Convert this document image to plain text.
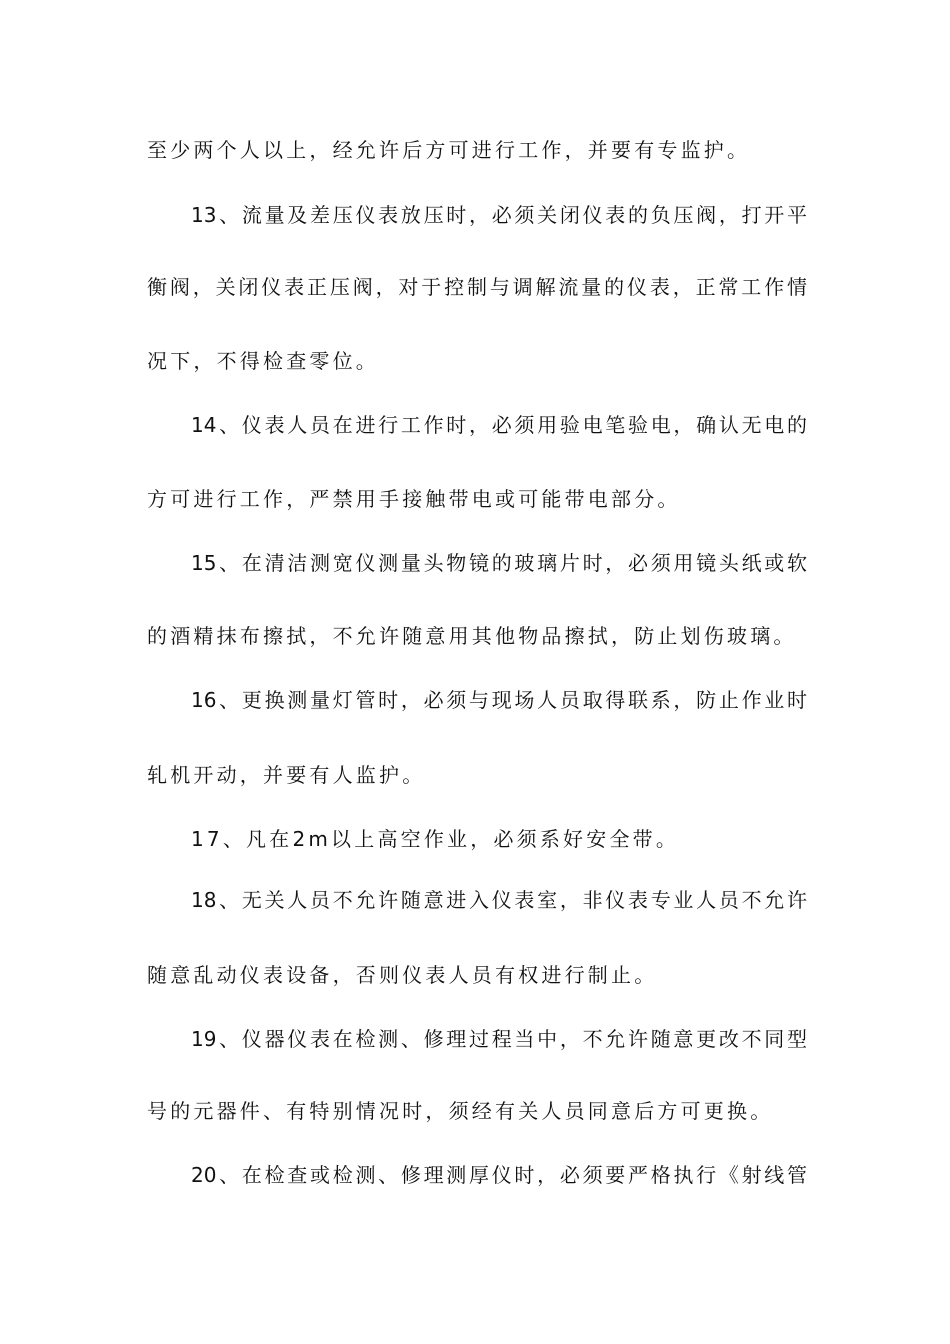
至少两个人以上，经允许后方可进行工作，并要有专监护。
13、流量及差压仪表放压时，必须关闭仪表的负压阀，打开平
衡阀，关闭仪表正压阀，对于控制与调解流量的仪表，正常工作情
况下，不得检查零位。
14、仪表人员在进行工作时，必须用验电笔验电，确认无电的
方可进行工作，严禁用手接触带电或可能带电部分。
15、在清洁测宽仪测量头物镜的玻璃片时，必须用镜头纸或软
的酒精抹布擦拭，不允许随意用其他物品擦拭，防止划伤玻璃。
16、更换测量灯管时，必须与现场人员取得联系，防止作业时
轧机开动，并要有人监护。
17、凡在2m以上高空作业，必须系好安全带。
18、无关人员不允许随意进入仪表室，非仪表专业人员不允许
随意乱动仪表设备，否则仪表人员有权进行制止。
19、仪器仪表在检测、修理过程当中，不允许随意更改不同型
号的元器件、有特别情况时，须经有关人员同意后方可更换。
20、在检查或检测、修理测厚仪时，必须要严格执行《射线管
